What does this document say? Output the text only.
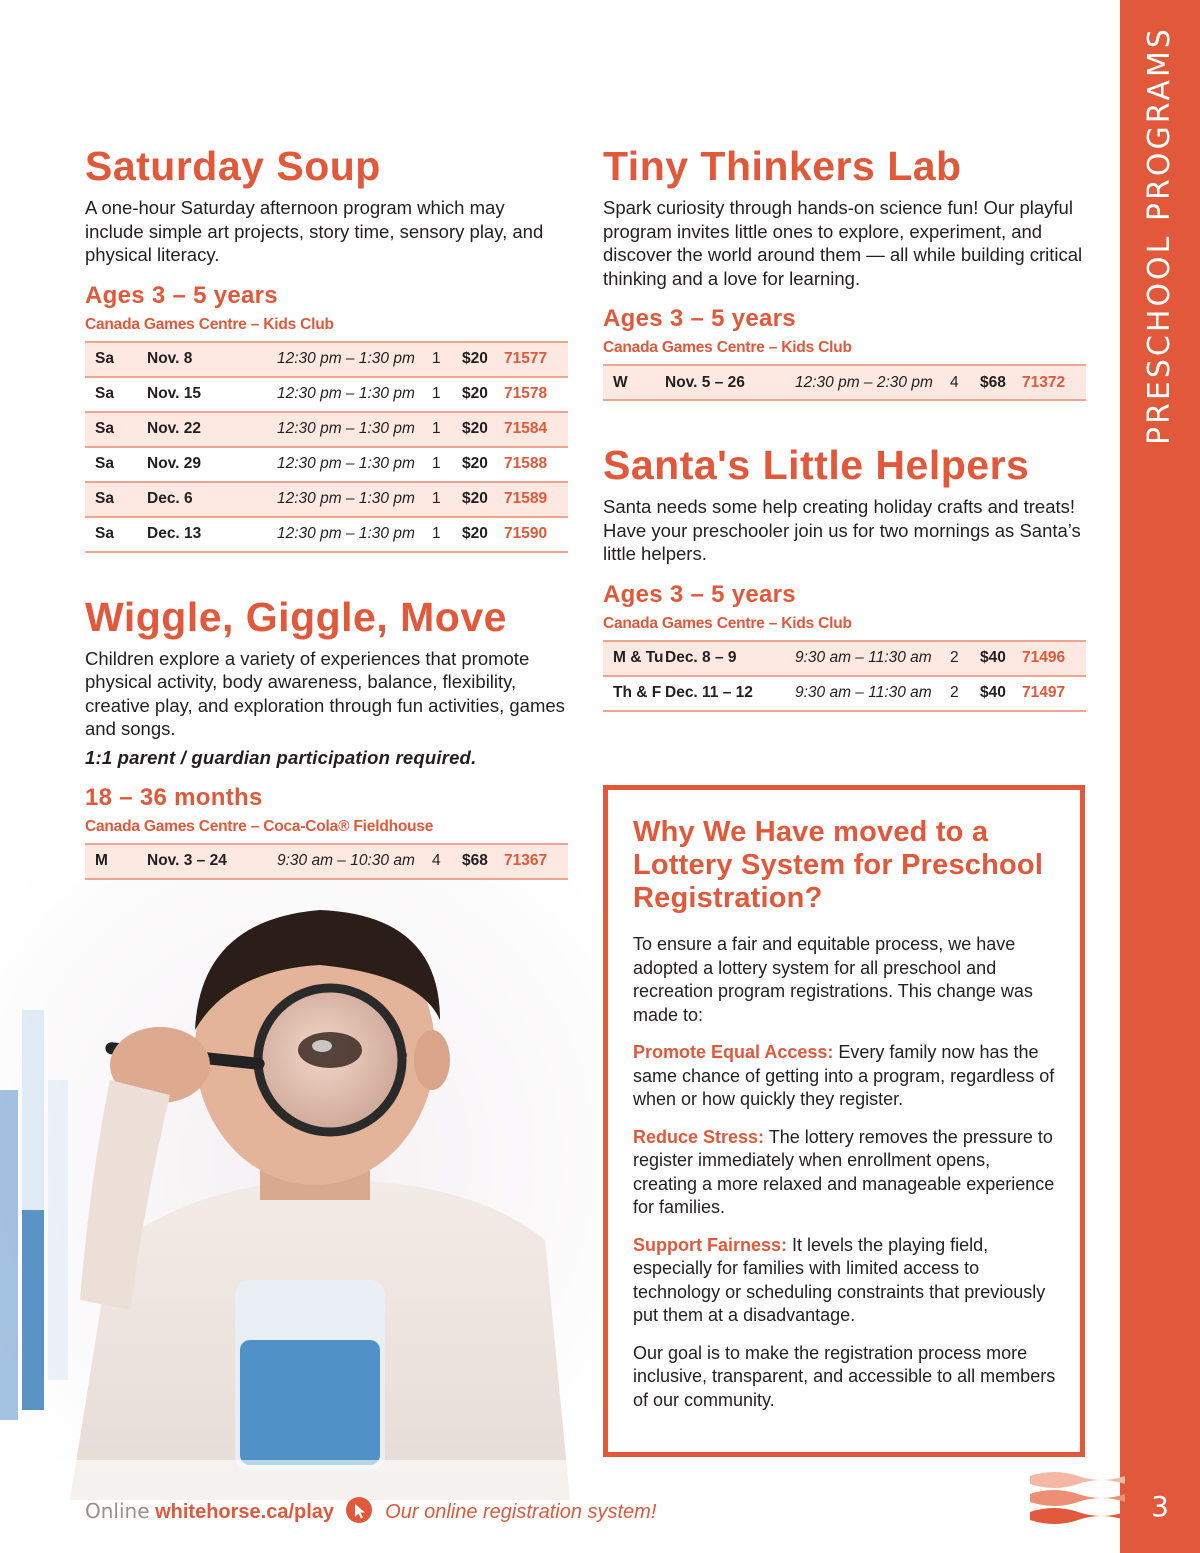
PRESCHOOL PROGRAMS
Saturday Soup

A one-hour Saturday afternoon program which may include simple art projects, story time, sensory play, and physical literacy.

Ages 3 – 5 years
Canada Games Centre – Kids Club
Sa	Nov. 8	12:30 pm – 1:30 pm	1	$20	71577
Sa	Nov. 15	12:30 pm – 1:30 pm	1	$20	71578
Sa	Nov. 22	12:30 pm – 1:30 pm	1	$20	71584
Sa	Nov. 29	12:30 pm – 1:30 pm	1	$20	71588
Sa	Dec. 6	12:30 pm – 1:30 pm	1	$20	71589
Sa	Dec. 13	12:30 pm – 1:30 pm	1	$20	71590
Wiggle, Giggle, Move

Children explore a variety of experiences that promote physical activity, body awareness, balance, flexibility, creative play, and exploration through fun activities, games and songs.

1:1 parent / guardian participation required.
18 – 36 months
Canada Games Centre – Coca-Cola® Fieldhouse
M	Nov. 3 – 24	9:30 am – 10:30 am	4	$68	71367
Tiny Thinkers Lab

Spark curiosity through hands-on science fun! Our playful program invites little ones to explore, experiment, and discover the world around them — all while building critical thinking and a love for learning.

Ages 3 – 5 years
Canada Games Centre – Kids Club
W	Nov. 5 – 26	12:30 pm – 2:30 pm	4	$68	71372
Santa's Little Helpers

Santa needs some help creating holiday crafts and treats! Have your preschooler join us for two mornings as Santa’s little helpers.

Ages 3 – 5 years
Canada Games Centre – Kids Club
M & Tu	Dec. 8 – 9	9:30 am – 11:30 am	2	$40	71496
Th & F	Dec. 11 – 12	9:30 am – 11:30 am	2	$40	71497
Why We Have moved to a Lottery System for Preschool Registration?

To ensure a fair and equitable process, we have adopted a lottery system for all preschool and recreation program registrations. This change was made to:

Promote Equal Access: Every family now has the same chance of getting into a program, regardless of when or how quickly they register.

Reduce Stress: The lottery removes the pressure to register immediately when enrollment opens, creating a more relaxed and manageable experience for families.

Support Fairness: It levels the playing field, especially for families with limited access to technology or scheduling constraints that previously put them at a disadvantage.

Our goal is to make the registration process more inclusive, transparent, and accessible to all members of our community.

Online whitehorse.ca/play	Our online registration system!	3
